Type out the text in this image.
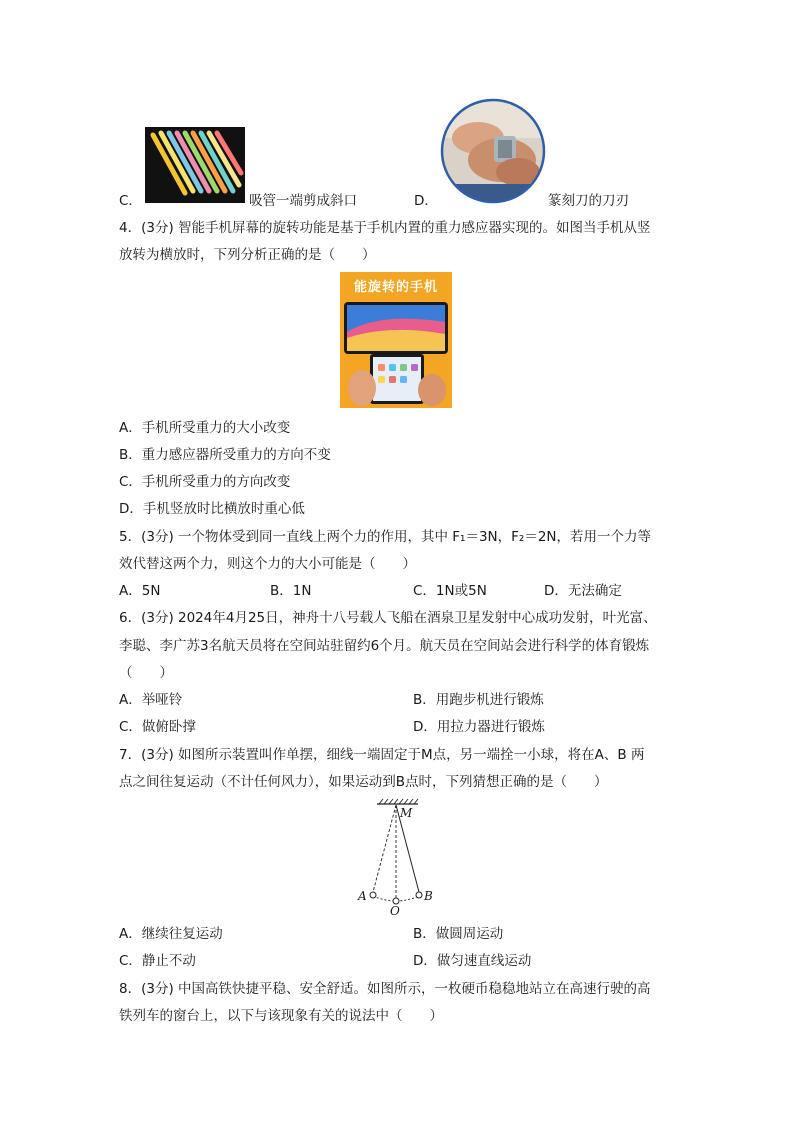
C．	吸管一端剪成斜口	D．	篆刻刀的刀刃
4．(3分) 智能手机屏幕的旋转功能是基于手机内置的重力感应器实现的。如图当手机从竖
放转为横放时，下列分析正确的是（　　）
能旋转的手机
A．手机所受重力的大小改变
B．重力感应器所受重力的方向不变
C．手机所受重力的方向改变
D．手机竖放时比横放时重心低
5．(3分) 一个物体受到同一直线上两个力的作用，其中 F₁＝3N，F₂＝2N，若用一个力等
效代替这两个力，则这个力的大小可能是（　　）
A．5N	B．1N	C．1N或5N	D．无法确定
6．(3分) 2024年4月25日，神舟十八号载人飞船在酒泉卫星发射中心成功发射，叶光富、
李聪、李广苏3名航天员将在空间站驻留约6个月。航天员在空间站会进行科学的体育锻炼
（　　）
A．举哑铃	B．用跑步机进行锻炼
C．做俯卧撑	D．用拉力器进行锻炼
7．(3分) 如图所示装置叫作单摆，细线一端固定于M点，另一端拴一小球，将在A、B 两
点之间往复运动（不计任何风力），如果运动到B点时，下列猜想正确的是（　　）
M
A
O
B
A．继续往复运动	B．做圆周运动
C．静止不动	D．做匀速直线运动
8．(3分) 中国高铁快捷平稳、安全舒适。如图所示，一枚硬币稳稳地站立在高速行驶的高
铁列车的窗台上，以下与该现象有关的说法中（　　）
